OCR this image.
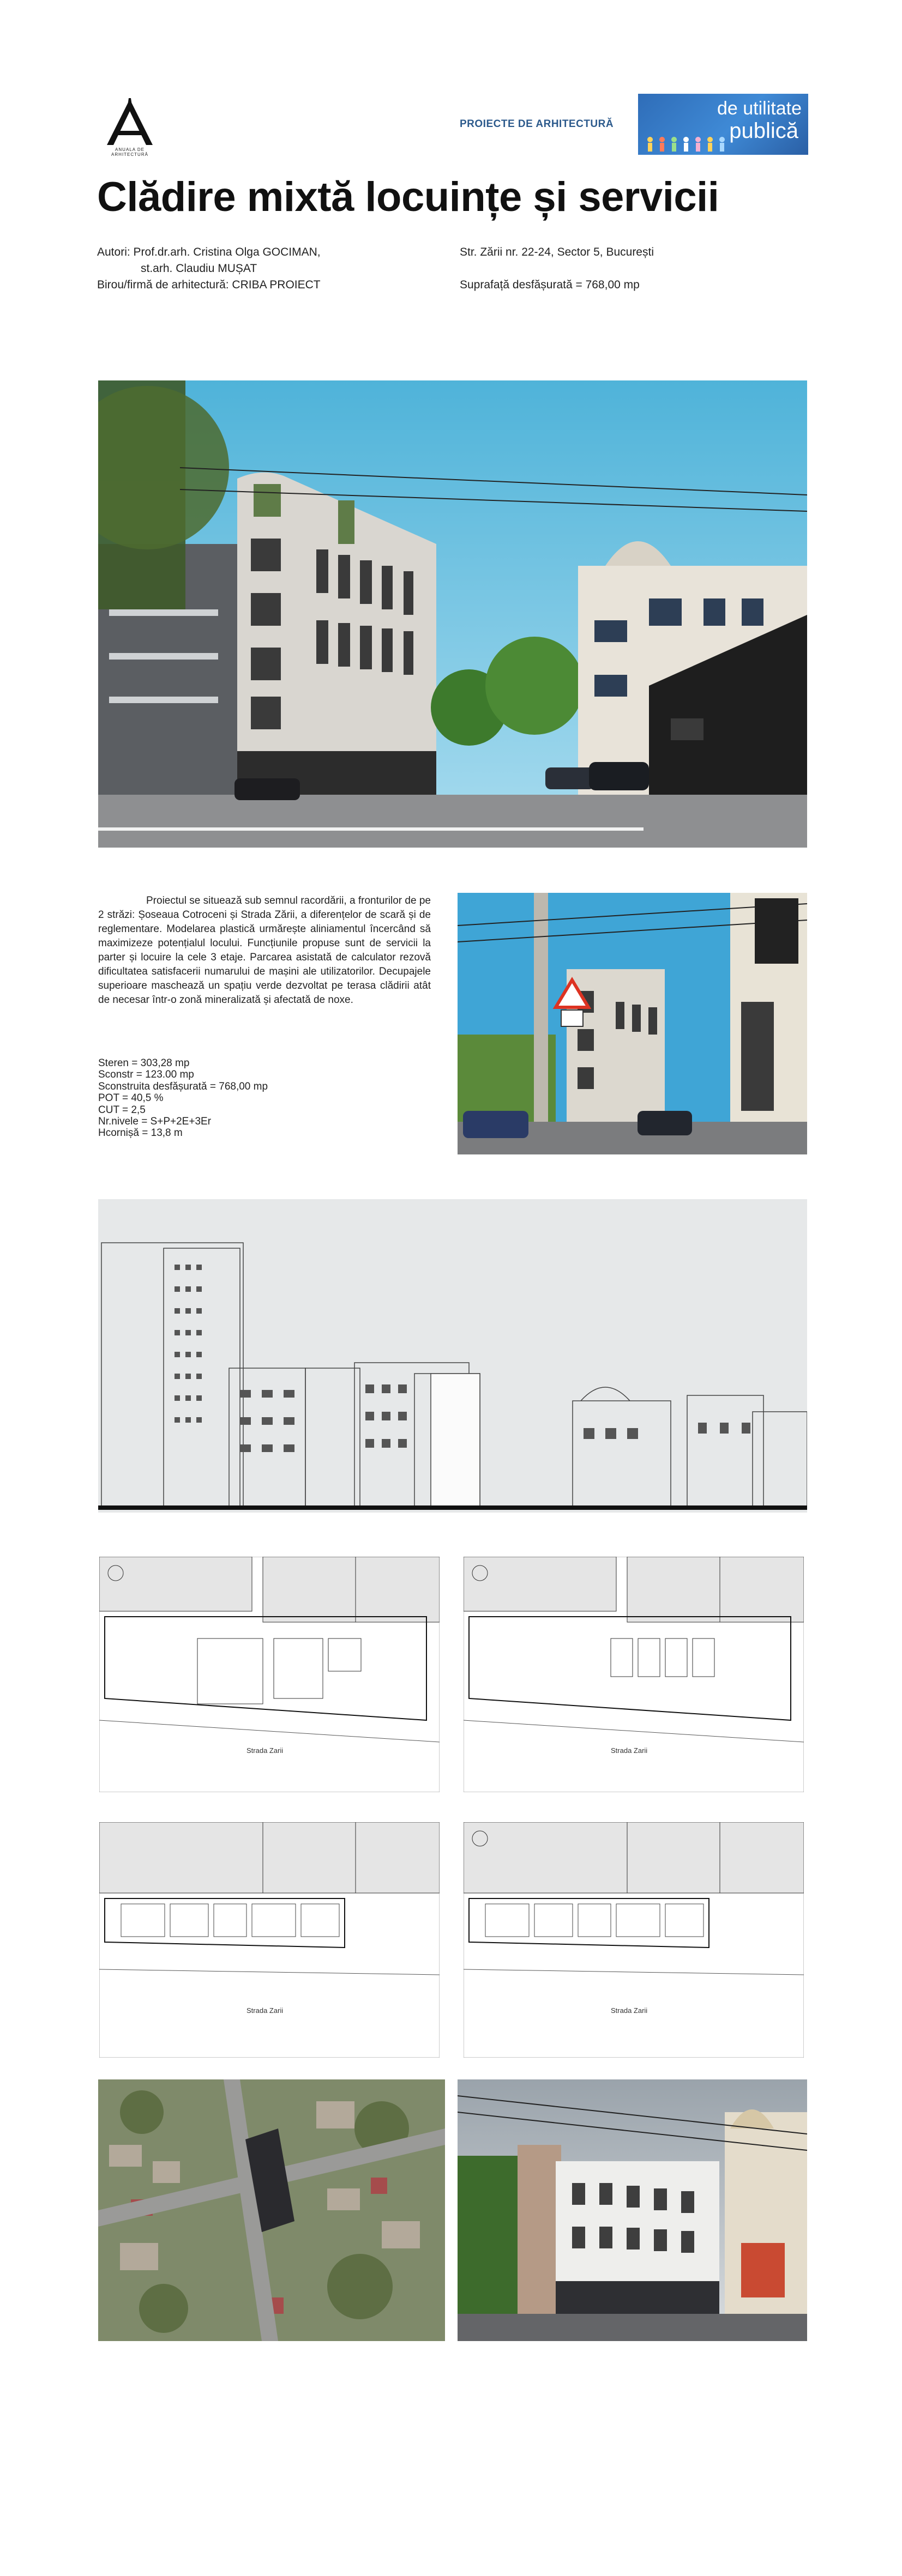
ANUALA DE ARHITECTURĂ
PROIECTE DE ARHITECTURĂ
de utilitate
publică
Clădire mixtă locuințe și servicii
Autori: Prof.dr.arh. Cristina Olga GOCIMAN,
st.arh. Claudiu MUȘAT
Birou/firmă de arhitectură: CRIBA PROIECT
Str. Zării nr. 22-24, Sector 5, București
Suprafață desfășurată = 768,00 mp
Proiectul se situează sub semnul racordării, a fronturilor de pe 2 străzi: Șoseaua Cotroceni și Strada Zării, a diferențelor de scară și de reglementare. Modelarea plastică urmărește aliniamentul încercând să maximizeze potențialul locului. Funcțiunile propuse sunt de servicii la parter și locuire la cele 3 etaje. Parcarea asistată de calculator rezovă dificultatea satisfacerii numarului de mașini ale utilizatorilor. Decupajele superioare maschează un spațiu verde dezvoltat pe terasa clădirii atât de necesar într-o zonă mineralizată și afectată de noxe.
Steren = 303,28 mp
Sconstr = 123.00 mp
Sconstruita desfășurată = 768,00 mp
POT = 40,5 %
CUT = 2,5
Nr.nivele = S+P+2E+3Er
Hcornișă = 13,8 m
Strada Zarii	Strada Zarii
Strada Zarii	Strada Zarii
